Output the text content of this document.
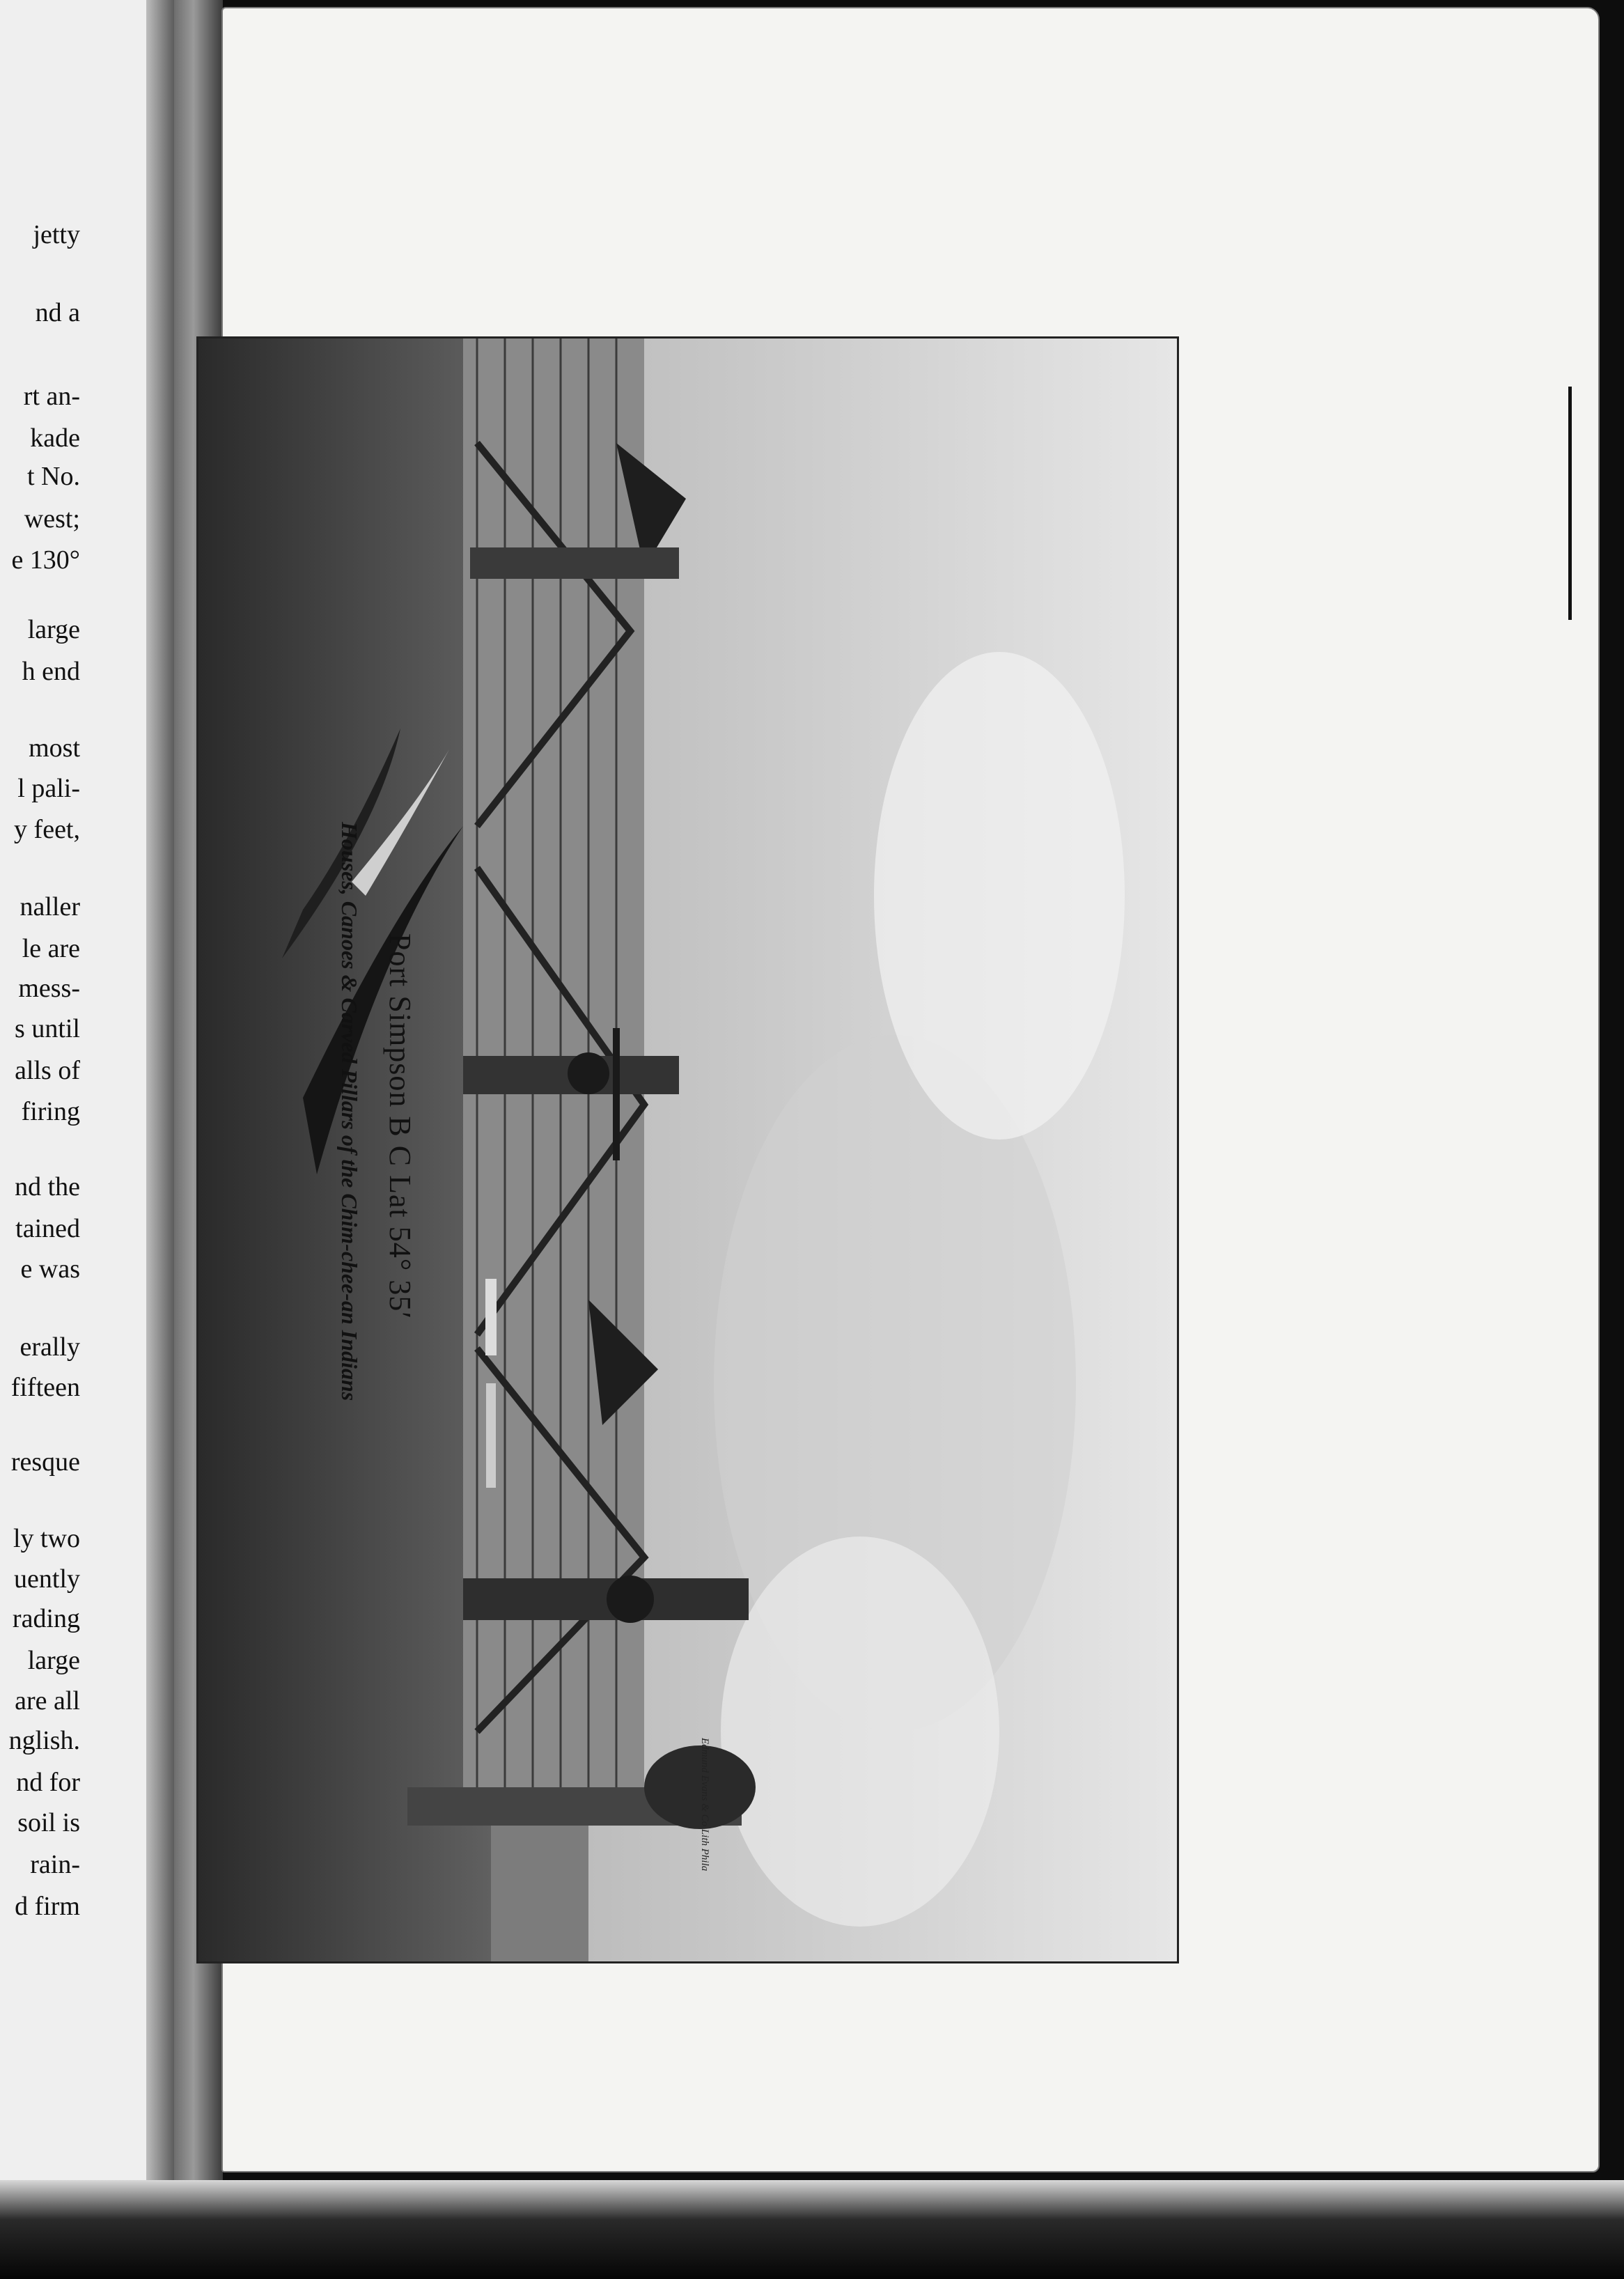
jetty
nd a
rt an-
kade
t No.
west;
e 130°
large
h end
most
l pali-
y feet,
naller
le are
mess-
s until
alls of
firing
nd the
tained
e was
erally
fifteen
resque
ly two
uently
rading
large
are all
nglish.
nd for
soil is
rain-
d firm
Port Simpson B C Lat 54° 35′
Houses, Canoes & Carved Pillars of the Chim-chee-an Indians
Edmund Evans & Co Lith Phila
